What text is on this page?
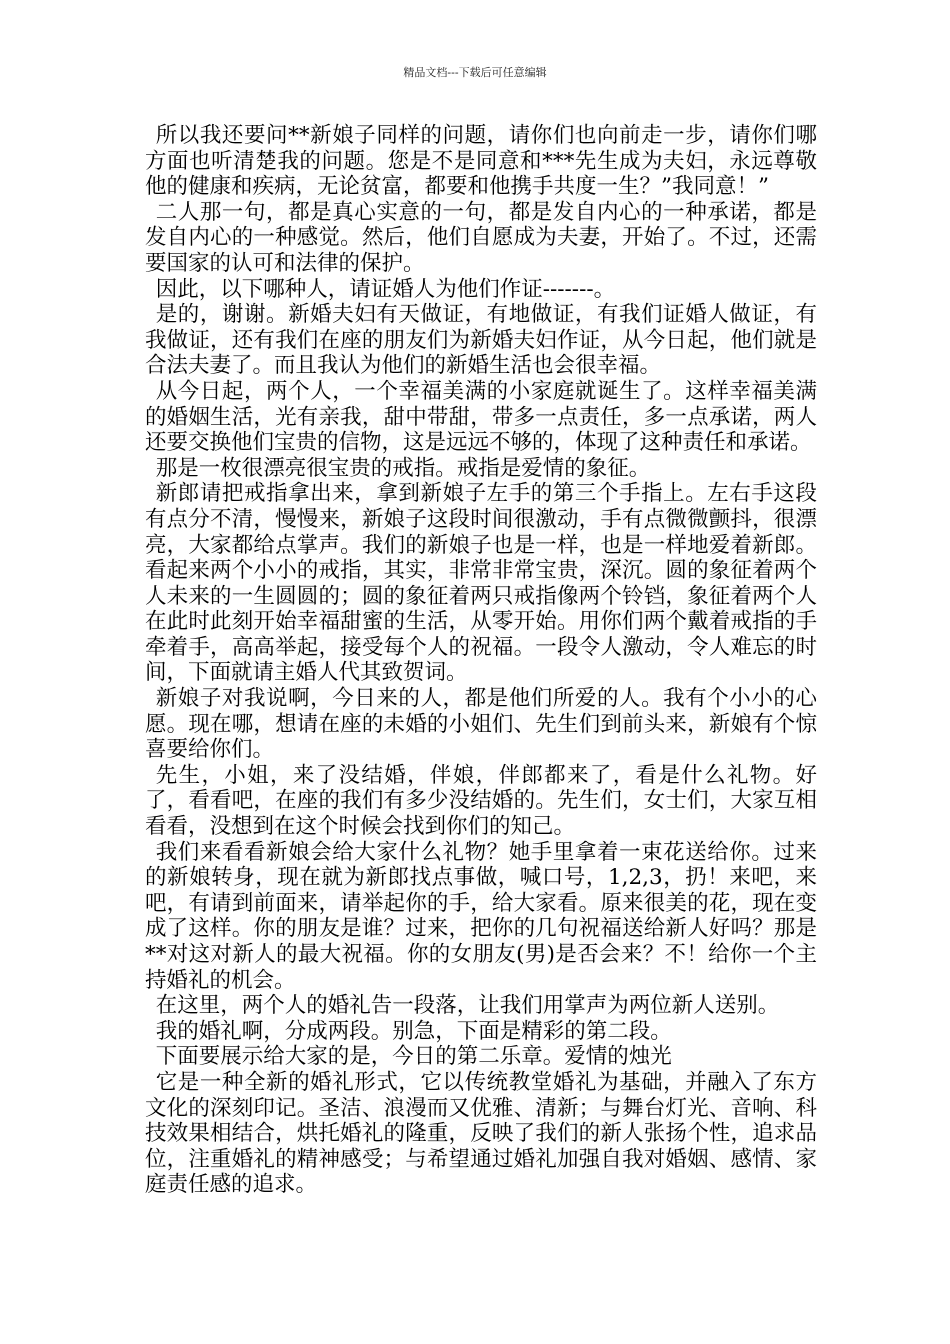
精品文档---下载后可任意编辑

所以我还要问**新娘子同样的问题，请你们也向前走一步，请你们哪方面也听清楚我的问题。您是不是同意和***先生成为夫妇，永远尊敬他的健康和疾病，无论贫富，都要和他携手共度一生？”我同意！”

二人那一句，都是真心实意的一句，都是发自内心的一种承诺，都是发自内心的一种感觉。然后，他们自愿成为夫妻，开始了。不过，还需要国家的认可和法律的保护。

因此，以下哪种人，请证婚人为他们作证-------。

是的，谢谢。新婚夫妇有天做证，有地做证，有我们证婚人做证，有我做证，还有我们在座的朋友们为新婚夫妇作证，从今日起，他们就是合法夫妻了。而且我认为他们的新婚生活也会很幸福。

从今日起，两个人，一个幸福美满的小家庭就诞生了。这样幸福美满的婚姻生活，光有亲我，甜中带甜，带多一点责任，多一点承诺，两人还要交换他们宝贵的信物，这是远远不够的，体现了这种责任和承诺。

那是一枚很漂亮很宝贵的戒指。戒指是爱情的象征。

新郎请把戒指拿出来，拿到新娘子左手的第三个手指上。左右手这段有点分不清，慢慢来，新娘子这段时间很激动，手有点微微颤抖，很漂亮，大家都给点掌声。我们的新娘子也是一样，也是一样地爱着新郎。看起来两个小小的戒指，其实，非常非常宝贵，深沉。圆的象征着两个人未来的一生圆圆的；圆的象征着两只戒指像两个铃铛，象征着两个人在此时此刻开始幸福甜蜜的生活，从零开始。用你们两个戴着戒指的手牵着手，高高举起，接受每个人的祝福。一段令人激动，令人难忘的时间，下面就请主婚人代其致贺词。

新娘子对我说啊，今日来的人，都是他们所爱的人。我有个小小的心愿。现在哪，想请在座的未婚的小姐们、先生们到前头来，新娘有个惊喜要给你们。

先生，小姐，来了没结婚，伴娘，伴郎都来了，看是什么礼物。好了，看看吧，在座的我们有多少没结婚的。先生们，女士们，大家互相看看，没想到在这个时候会找到你们的知己。

我们来看看新娘会给大家什么礼物？她手里拿着一束花送给你。过来的新娘转身，现在就为新郎找点事做，喊口号，1,2,3，扔！来吧，来吧，有请到前面来，请举起你的手，给大家看。原来很美的花，现在变成了这样。你的朋友是谁？过来，把你的几句祝福送给新人好吗？那是**对这对新人的最大祝福。你的女朋友(男)是否会来？不！给你一个主持婚礼的机会。

在这里，两个人的婚礼告一段落，让我们用掌声为两位新人送别。

我的婚礼啊，分成两段。别急，下面是精彩的第二段。

下面要展示给大家的是，今日的第二乐章。爱情的烛光

它是一种全新的婚礼形式，它以传统教堂婚礼为基础，并融入了东方文化的深刻印记。圣洁、浪漫而又优雅、清新；与舞台灯光、音响、科技效果相结合，烘托婚礼的隆重，反映了我们的新人张扬个性，追求品位，注重婚礼的精神感受；与希望通过婚礼加强自我对婚姻、感情、家庭责任感的追求。
